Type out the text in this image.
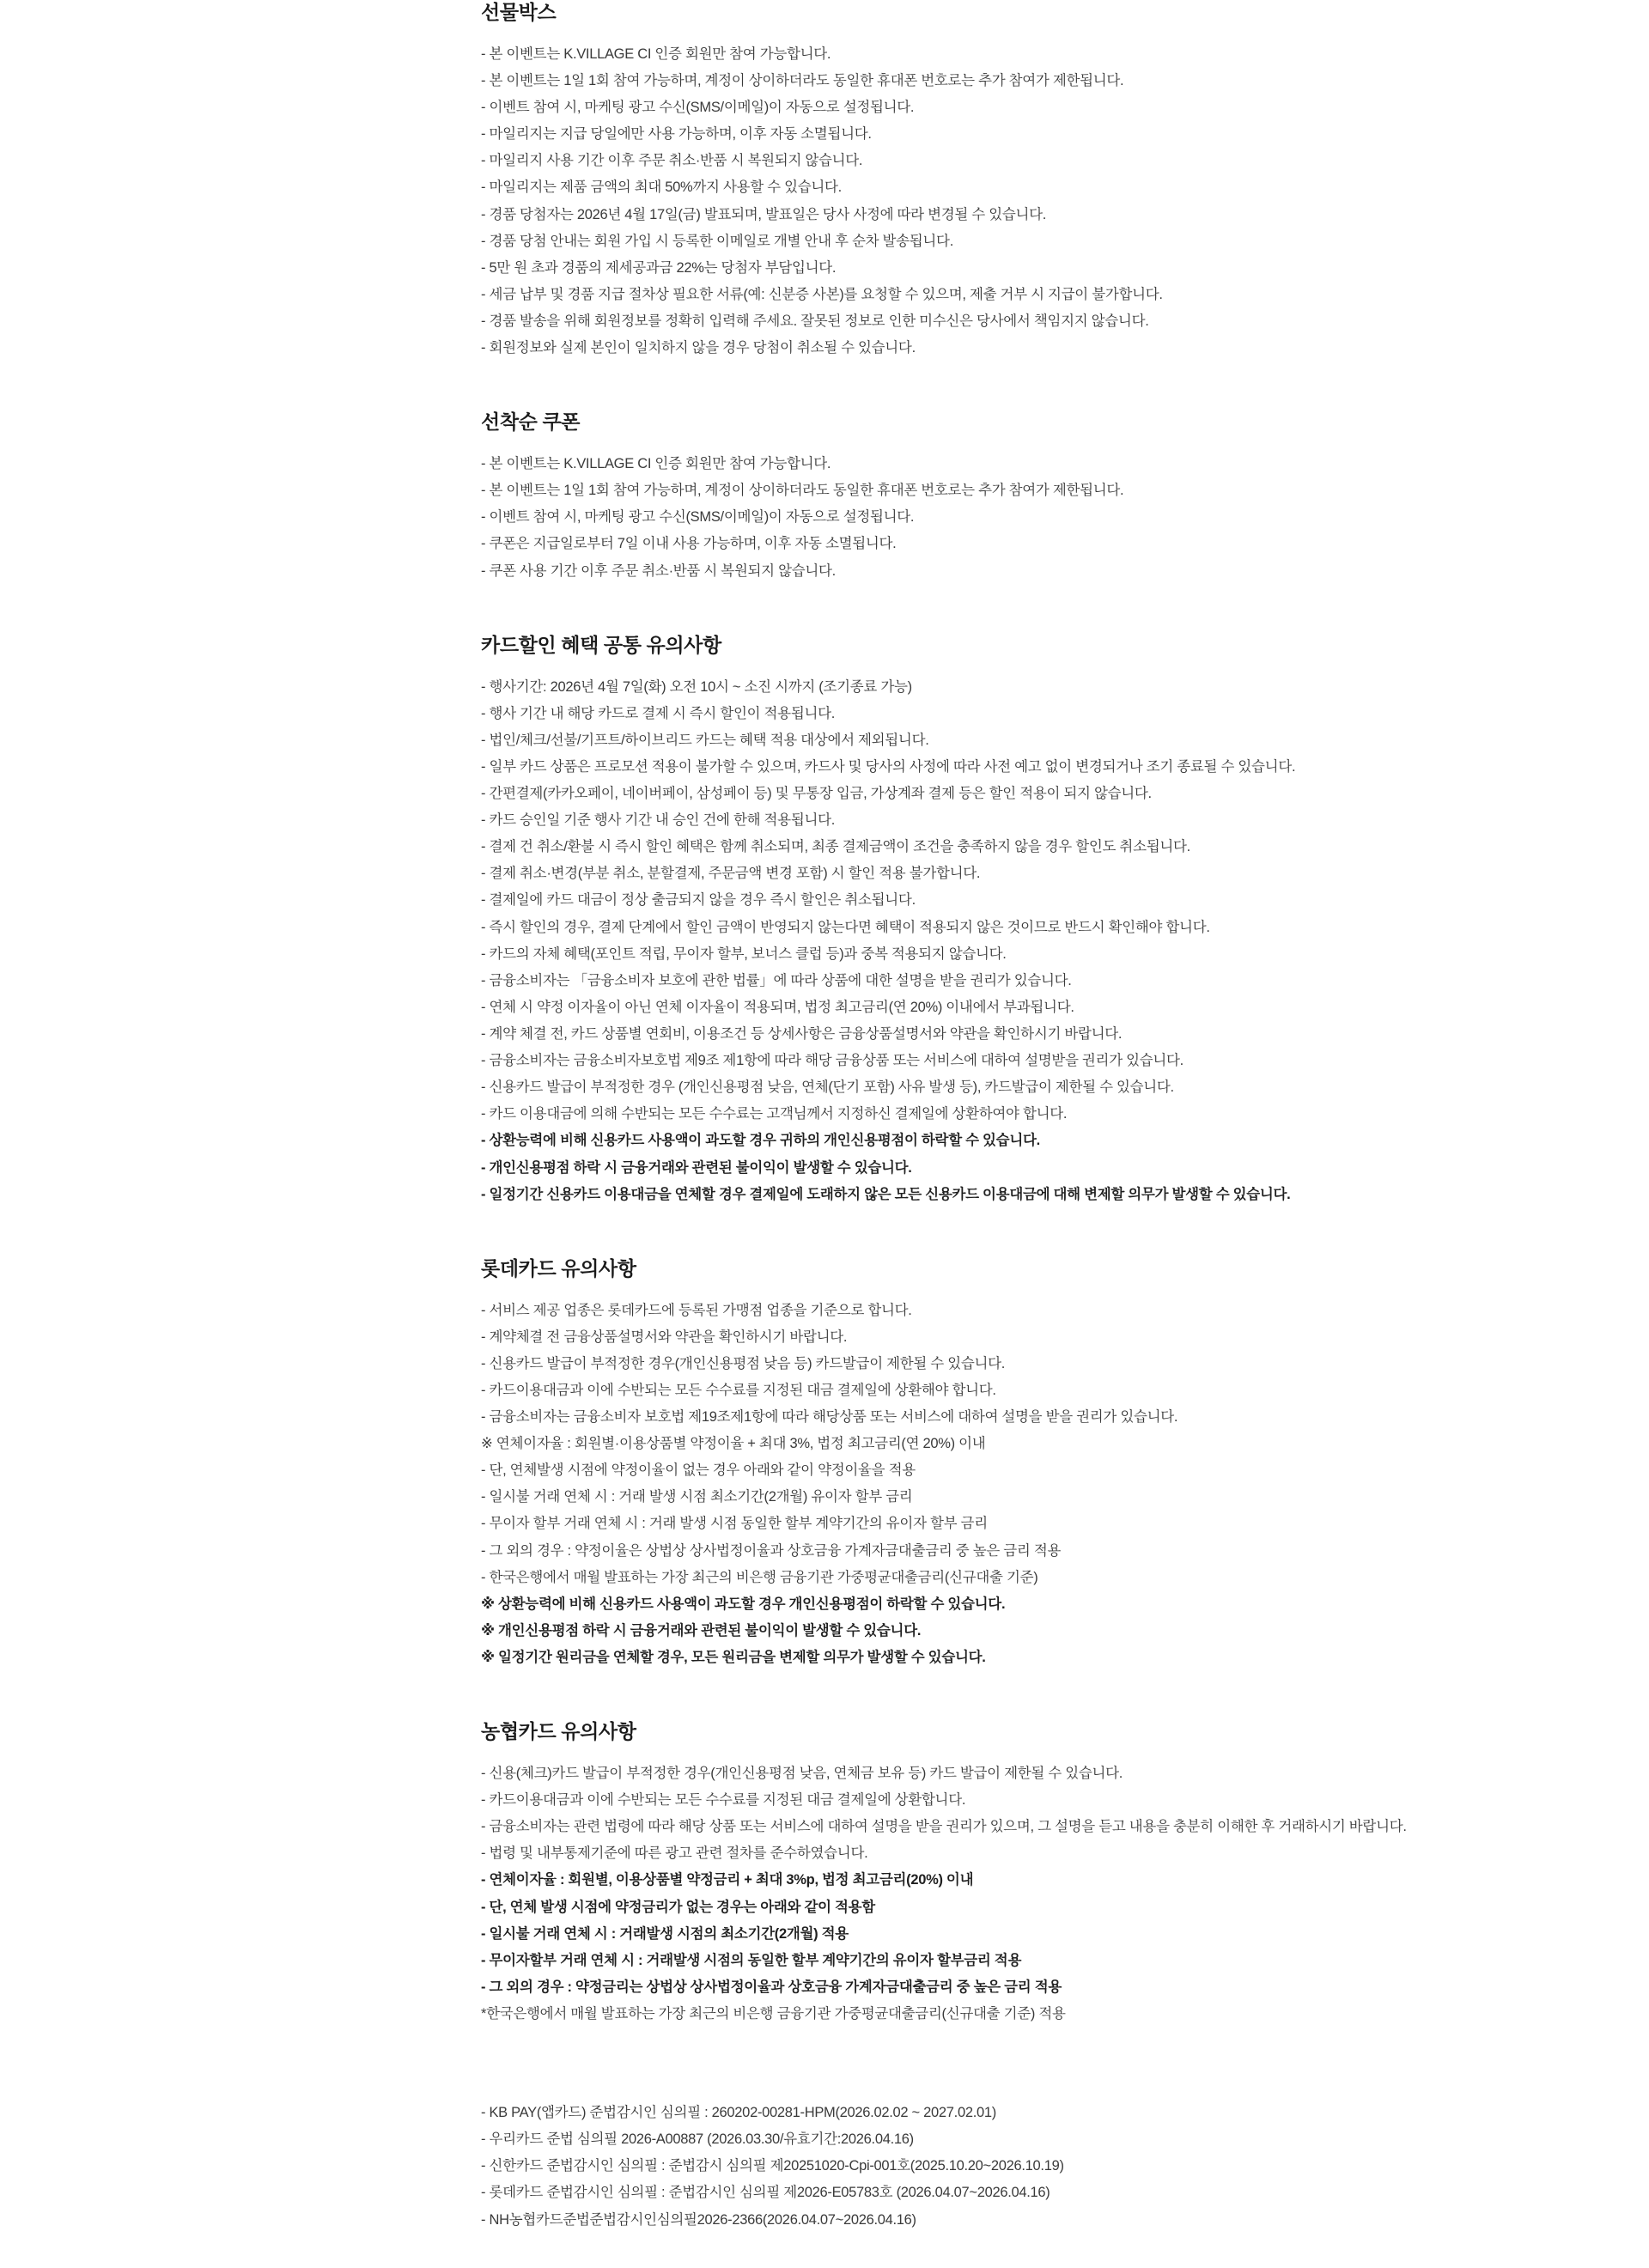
선물박스
- 본 이벤트는 K.VILLAGE CI 인증 회원만 참여 가능합니다.
- 본 이벤트는 1일 1회 참여 가능하며, 계정이 상이하더라도 동일한 휴대폰 번호로는 추가 참여가 제한됩니다.
- 이벤트 참여 시, 마케팅 광고 수신(SMS/이메일)이 자동으로 설정됩니다.
- 마일리지는 지급 당일에만 사용 가능하며, 이후 자동 소멸됩니다.
- 마일리지 사용 기간 이후 주문 취소·반품 시 복원되지 않습니다.
- 마일리지는 제품 금액의 최대 50%까지 사용할 수 있습니다.
- 경품 당첨자는 2026년 4월 17일(금) 발표되며, 발표일은 당사 사정에 따라 변경될 수 있습니다.
- 경품 당첨 안내는 회원 가입 시 등록한 이메일로 개별 안내 후 순차 발송됩니다.
- 5만 원 초과 경품의 제세공과금 22%는 당첨자 부담입니다.
- 세금 납부 및 경품 지급 절차상 필요한 서류(예: 신분증 사본)를 요청할 수 있으며, 제출 거부 시 지급이 불가합니다.
- 경품 발송을 위해 회원정보를 정확히 입력해 주세요. 잘못된 정보로 인한 미수신은 당사에서 책임지지 않습니다.
- 회원정보와 실제 본인이 일치하지 않을 경우 당첨이 취소될 수 있습니다.
선착순 쿠폰
- 본 이벤트는 K.VILLAGE CI 인증 회원만 참여 가능합니다.
- 본 이벤트는 1일 1회 참여 가능하며, 계정이 상이하더라도 동일한 휴대폰 번호로는 추가 참여가 제한됩니다.
- 이벤트 참여 시, 마케팅 광고 수신(SMS/이메일)이 자동으로 설정됩니다.
- 쿠폰은 지급일로부터 7일 이내 사용 가능하며, 이후 자동 소멸됩니다.
- 쿠폰 사용 기간 이후 주문 취소·반품 시 복원되지 않습니다.
카드할인 혜택 공통 유의사항
- 행사기간: 2026년 4월 7일(화) 오전 10시 ~ 소진 시까지 (조기종료 가능)
- 행사 기간 내 해당 카드로 결제 시 즉시 할인이 적용됩니다.
- 법인/체크/선불/기프트/하이브리드 카드는 혜택 적용 대상에서 제외됩니다.
- 일부 카드 상품은 프로모션 적용이 불가할 수 있으며, 카드사 및 당사의 사정에 따라 사전 예고 없이 변경되거나 조기 종료될 수 있습니다.
- 간편결제(카카오페이, 네이버페이, 삼성페이 등) 및 무통장 입금, 가상계좌 결제 등은 할인 적용이 되지 않습니다.
- 카드 승인일 기준 행사 기간 내 승인 건에 한해 적용됩니다.
- 결제 건 취소/환불 시 즉시 할인 혜택은 함께 취소되며, 최종 결제금액이 조건을 충족하지 않을 경우 할인도 취소됩니다.
- 결제 취소·변경(부분 취소, 분할결제, 주문금액 변경 포함) 시 할인 적용 불가합니다.
- 결제일에 카드 대금이 정상 출금되지 않을 경우 즉시 할인은 취소됩니다.
- 즉시 할인의 경우, 결제 단계에서 할인 금액이 반영되지 않는다면 혜택이 적용되지 않은 것이므로 반드시 확인해야 합니다.
- 카드의 자체 혜택(포인트 적립, 무이자 할부, 보너스 클럽 등)과 중복 적용되지 않습니다.
- 금융소비자는 「금융소비자 보호에 관한 법률」에 따라 상품에 대한 설명을 받을 권리가 있습니다.
- 연체 시 약정 이자율이 아닌 연체 이자율이 적용되며, 법정 최고금리(연 20%) 이내에서 부과됩니다.
- 계약 체결 전, 카드 상품별 연회비, 이용조건 등 상세사항은 금융상품설명서와 약관을 확인하시기 바랍니다.
- 금융소비자는 금융소비자보호법 제9조 제1항에 따라 해당 금융상품 또는 서비스에 대하여 설명받을 권리가 있습니다.
- 신용카드 발급이 부적정한 경우 (개인신용평점 낮음, 연체(단기 포함) 사유 발생 등), 카드발급이 제한될 수 있습니다.
- 카드 이용대금에 의해 수반되는 모든 수수료는 고객님께서 지정하신 결제일에 상환하여야 합니다.
- 상환능력에 비해 신용카드 사용액이 과도할 경우 귀하의 개인신용평점이 하락할 수 있습니다.
- 개인신용평점 하락 시 금융거래와 관련된 불이익이 발생할 수 있습니다.
- 일정기간 신용카드 이용대금을 연체할 경우 결제일에 도래하지 않은 모든 신용카드 이용대금에 대해 변제할 의무가 발생할 수 있습니다.
롯데카드 유의사항
- 서비스 제공 업종은 롯데카드에 등록된 가맹점 업종을 기준으로 합니다.
- 계약체결 전 금융상품설명서와 약관을 확인하시기 바랍니다.
- 신용카드 발급이 부적정한 경우(개인신용평점 낮음 등) 카드발급이 제한될 수 있습니다.
- 카드이용대금과 이에 수반되는 모든 수수료를 지정된 대금 결제일에 상환해야 합니다.
- 금융소비자는 금융소비자 보호법 제19조제1항에 따라 해당상품 또는 서비스에 대하여 설명을 받을 권리가 있습니다.
※ 연체이자율 : 회원별·이용상품별 약정이율 + 최대 3%, 법정 최고금리(연 20%) 이내
- 단, 연체발생 시점에 약정이율이 없는 경우 아래와 같이 약정이율을 적용
- 일시불 거래 연체 시 : 거래 발생 시점 최소기간(2개월) 유이자 할부 금리
- 무이자 할부 거래 연체 시 : 거래 발생 시점 동일한 할부 계약기간의 유이자 할부 금리
- 그 외의 경우 : 약정이율은 상법상 상사법정이율과 상호금융 가계자금대출금리 중 높은 금리 적용
- 한국은행에서 매월 발표하는 가장 최근의 비은행 금융기관 가중평균대출금리(신규대출 기준)
※ 상환능력에 비해 신용카드 사용액이 과도할 경우 개인신용평점이 하락할 수 있습니다.
※ 개인신용평점 하락 시 금융거래와 관련된 불이익이 발생할 수 있습니다.
※ 일정기간 원리금을 연체할 경우, 모든 원리금을 변제할 의무가 발생할 수 있습니다.
농협카드 유의사항
- 신용(체크)카드 발급이 부적정한 경우(개인신용평점 낮음, 연체금 보유 등) 카드 발급이 제한될 수 있습니다.
- 카드이용대금과 이에 수반되는 모든 수수료를 지정된 대금 결제일에 상환합니다.
- 금융소비자는 관련 법령에 따라 해당 상품 또는 서비스에 대하여 설명을 받을 권리가 있으며, 그 설명을 듣고 내용을 충분히 이해한 후 거래하시기 바랍니다.
- 법령 및 내부통제기준에 따른 광고 관련 절차를 준수하였습니다.
- 연체이자율 : 회원별, 이용상품별 약정금리 + 최대 3%p, 법정 최고금리(20%) 이내
- 단, 연체 발생 시점에 약정금리가 없는 경우는 아래와 같이 적용함
- 일시불 거래 연체 시 : 거래발생 시점의 최소기간(2개월) 적용
- 무이자할부 거래 연체 시 : 거래발생 시점의 동일한 할부 계약기간의 유이자 할부금리 적용
- 그 외의 경우 : 약정금리는 상법상 상사법정이율과 상호금융 가계자금대출금리 중 높은 금리 적용
*한국은행에서 매월 발표하는 가장 최근의 비은행 금융기관 가중평균대출금리(신규대출 기준) 적용
- KB PAY(앱카드) 준법감시인 심의필 : 260202-00281-HPM(2026.02.02 ~ 2027.02.01)
- 우리카드 준법 심의필 2026-A00887 (2026.03.30/유효기간:2026.04.16)
- 신한카드 준법감시인 심의필 : 준법감시 심의필 제20251020-Cpi-001호(2025.10.20~2026.10.19)
- 롯데카드 준법감시인 심의필 : 준법감시인 심의필 제2026-E05783호 (2026.04.07~2026.04.16)
- NH농협카드준법준법감시인심의필2026-2366(2026.04.07~2026.04.16)
